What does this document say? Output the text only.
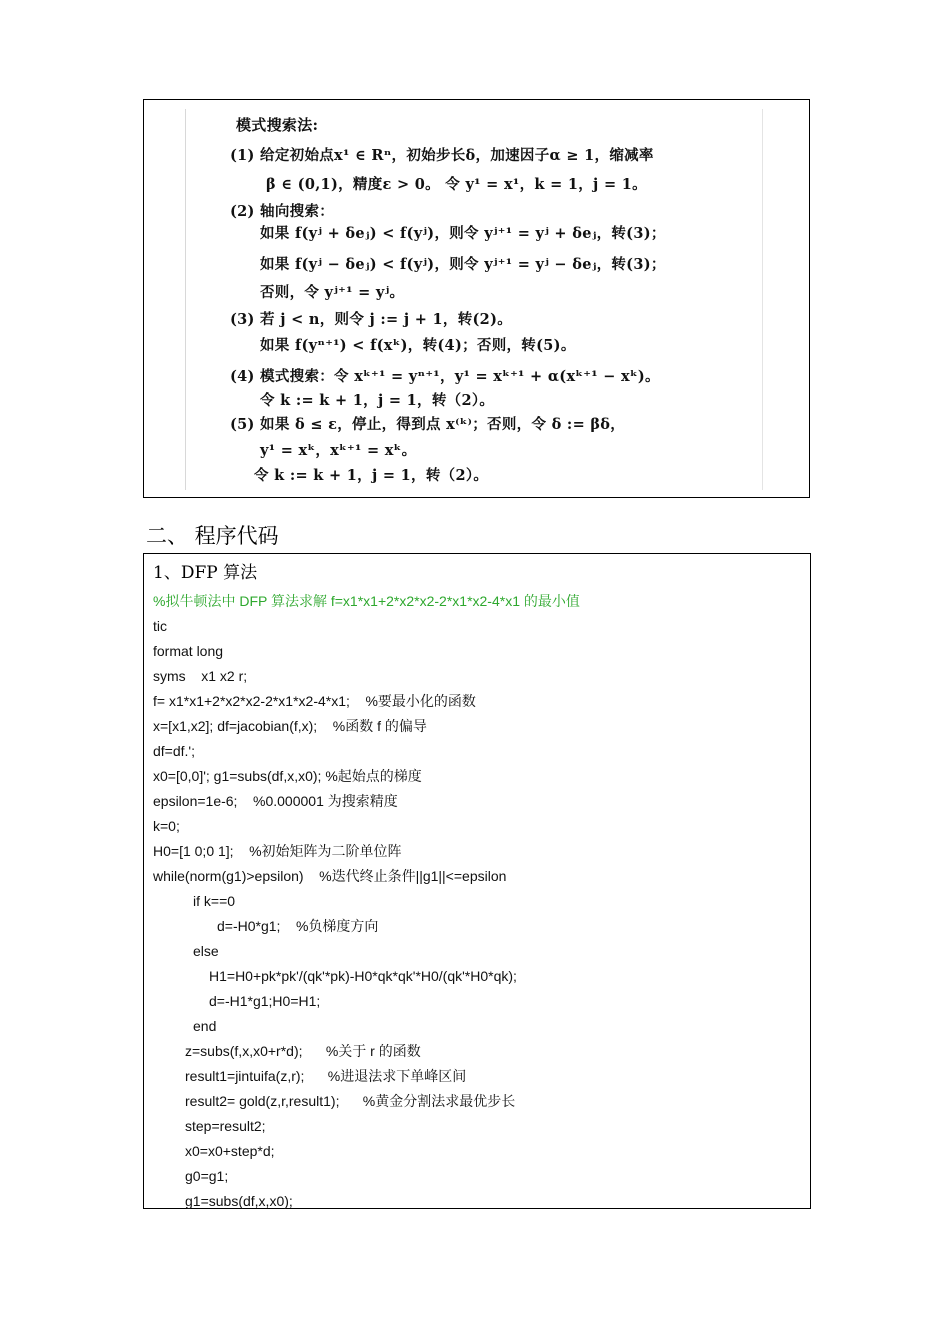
模式搜索法:
(1) 给定初始点x¹ ∈ Rⁿ，初始步长δ，加速因子α ≥ 1，缩减率
β ∈ (0,1)，精度ε > 0。 令 y¹ = x¹，k = 1，j = 1。
(2) 轴向搜索：
如果 f(yʲ + δeⱼ) < f(yʲ)，则令 yʲ⁺¹ = yʲ + δeⱼ，转(3)；
如果 f(yʲ − δeⱼ) < f(yʲ)，则令 yʲ⁺¹ = yʲ − δeⱼ，转(3)；
否则，令 yʲ⁺¹ = yʲ。
(3) 若 j < n，则令 j := j + 1，转(2)。
如果 f(yⁿ⁺¹) < f(xᵏ)，转(4)；否则，转(5)。
(4) 模式搜索：令 xᵏ⁺¹ = yⁿ⁺¹，y¹ = xᵏ⁺¹ + α(xᵏ⁺¹ − xᵏ)。
令 k := k + 1，j = 1，转（2）。
(5) 如果 δ ≤ ε，停止，得到点 x⁽ᵏ⁾；否则，令 δ := βδ，
y¹ = xᵏ，xᵏ⁺¹ = xᵏ。
令 k := k + 1，j = 1，转（2）。
二、 程序代码
1、DFP 算法
%拟牛顿法中 DFP 算法求解 f=x1*x1+2*x2*x2-2*x1*x2-4*x1 的最小值
tic
format long
syms    x1 x2 r;
f= x1*x1+2*x2*x2-2*x1*x2-4*x1;    %要最小化的函数
x=[x1,x2]; df=jacobian(f,x);    %函数 f 的偏导
df=df.';
x0=[0,0]'; g1=subs(df,x,x0); %起始点的梯度
epsilon=1e-6;    %0.000001 为搜索精度
k=0;
H0=[1 0;0 1];    %初始矩阵为二阶单位阵
while(norm(g1)>epsilon)    %迭代终止条件||g1||<=epsilon
if k==0
d=-H0*g1;    %负梯度方向
else
H1=H0+pk*pk'/(qk'*pk)-H0*qk*qk'*H0/(qk'*H0*qk);
d=-H1*g1;H0=H1;
end
z=subs(f,x,x0+r*d);      %关于 r 的函数
result1=jintuifa(z,r);      %进退法求下单峰区间
result2= gold(z,r,result1);      %黄金分割法求最优步长
step=result2;
x0=x0+step*d;
g0=g1;
g1=subs(df,x,x0);
